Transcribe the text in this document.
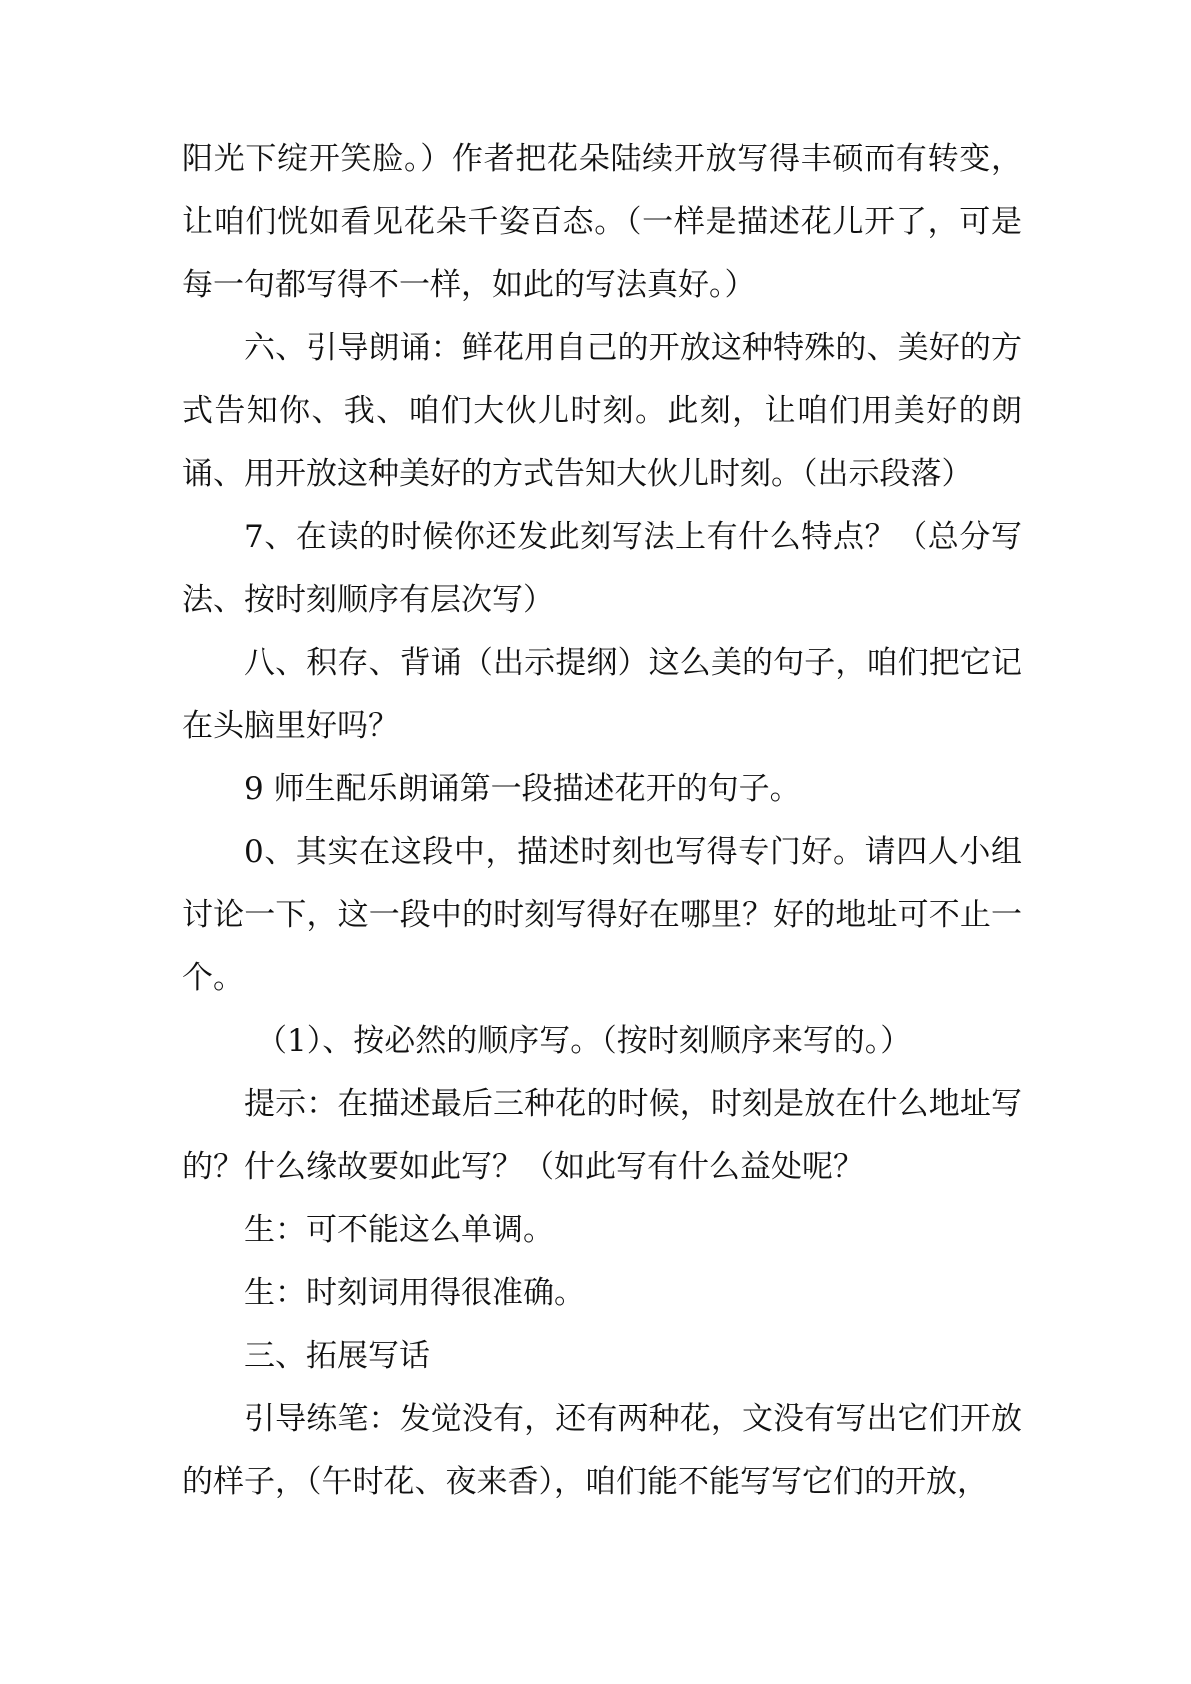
阳光下绽开笑脸。）作者把花朵陆续开放写得丰硕而有转变，让咱们恍如看见花朵千姿百态。（一样是描述花儿开了，可是每一句都写得不一样，如此的写法真好。）

六、引导朗诵：鲜花用自己的开放这种特殊的、美好的方式告知你、我、咱们大伙儿时刻。此刻，让咱们用美好的朗诵、用开放这种美好的方式告知大伙儿时刻。（出示段落）

7、在读的时候你还发此刻写法上有什么特点？（总分写法、按时刻顺序有层次写）

八、积存、背诵（出示提纲）这么美的句子，咱们把它记在头脑里好吗？

9 师生配乐朗诵第一段描述花开的句子。

0、其实在这段中，描述时刻也写得专门好。请四人小组讨论一下，这一段中的时刻写得好在哪里？好的地址可不止一个。

（1）、按必然的顺序写。（按时刻顺序来写的。）

提示：在描述最后三种花的时候，时刻是放在什么地址写的？什么缘故要如此写？（如此写有什么益处呢？

生：可不能这么单调。

生：时刻词用得很准确。

三、拓展写话

引导练笔：发觉没有，还有两种花，文没有写出它们开放的样子，（午时花、夜来香），咱们能不能写写它们的开放，
